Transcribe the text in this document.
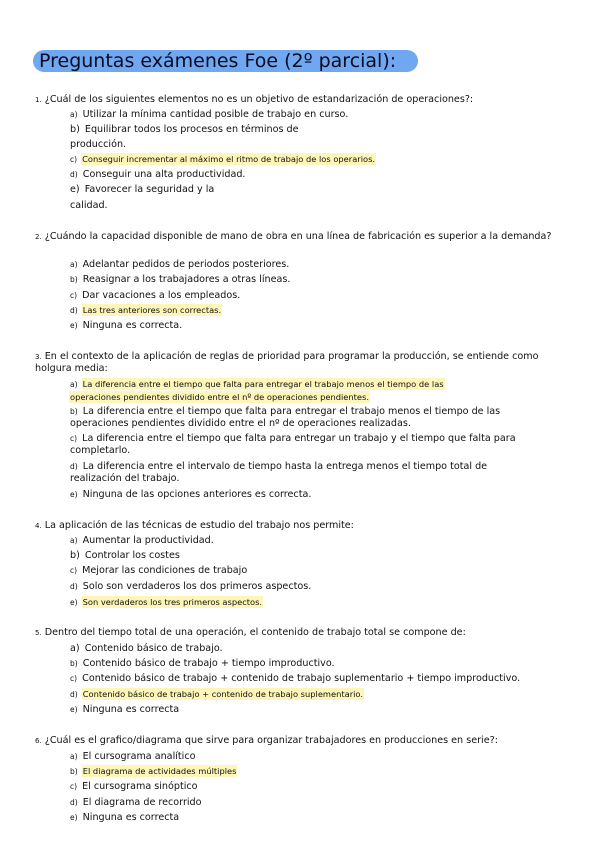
Preguntas exámenes Foe (2º parcial):
1. ¿Cuál de los siguientes elementos no es un objetivo de estandarización de operaciones?:
a) Utilizar la mínima cantidad posible de trabajo en curso.
b) Equilibrar todos los procesos en términos de
producción.
c) Conseguir incrementar al máximo el ritmo de trabajo de los operarios.
d) Conseguir una alta productividad.
e) Favorecer la seguridad y la
calidad.
2. ¿Cuándo la capacidad disponible de mano de obra en una línea de fabricación es superior a la demanda?
a) Adelantar pedidos de periodos posteriores.
b) Reasignar a los trabajadores a otras líneas.
c) Dar vacaciones a los empleados.
d) Las tres anteriores son correctas.
e) Ninguna es correcta.
3. En el contexto de la aplicación de reglas de prioridad para programar la producción, se entiende como holgura media:
a) La diferencia entre el tiempo que falta para entregar el trabajo menos el tiempo de las
operaciones pendientes dividido entre el nº de operaciones pendientes.
b) La diferencia entre el tiempo que falta para entregar el trabajo menos el tiempo de las operaciones pendientes dividido entre el nº de operaciones realizadas.
c) La diferencia entre el tiempo que falta para entregar un trabajo y el tiempo que falta para completarlo.
d) La diferencia entre el intervalo de tiempo hasta la entrega menos el tiempo total de realización del trabajo.
e) Ninguna de las opciones anteriores es correcta.
4. La aplicación de las técnicas de estudio del trabajo nos permite:
a) Aumentar la productividad.
b) Controlar los costes
c) Mejorar las condiciones de trabajo
d) Solo son verdaderos los dos primeros aspectos.
e) Son verdaderos los tres primeros aspectos.
5. Dentro del tiempo total de una operación, el contenido de trabajo total se compone de:
a) Contenido básico de trabajo.
b) Contenido básico de trabajo + tiempo improductivo.
c) Contenido básico de trabajo + contenido de trabajo suplementario + tiempo improductivo.
d) Contenido básico de trabajo + contenido de trabajo suplementario.
e) Ninguna es correcta
6. ¿Cuál es el grafico/diagrama que sirve para organizar trabajadores en producciones en serie?:
a) El cursograma analítico
b) El diagrama de actividades múltiples
c) El cursograma sinóptico
d) El diagrama de recorrido
e) Ninguna es correcta
